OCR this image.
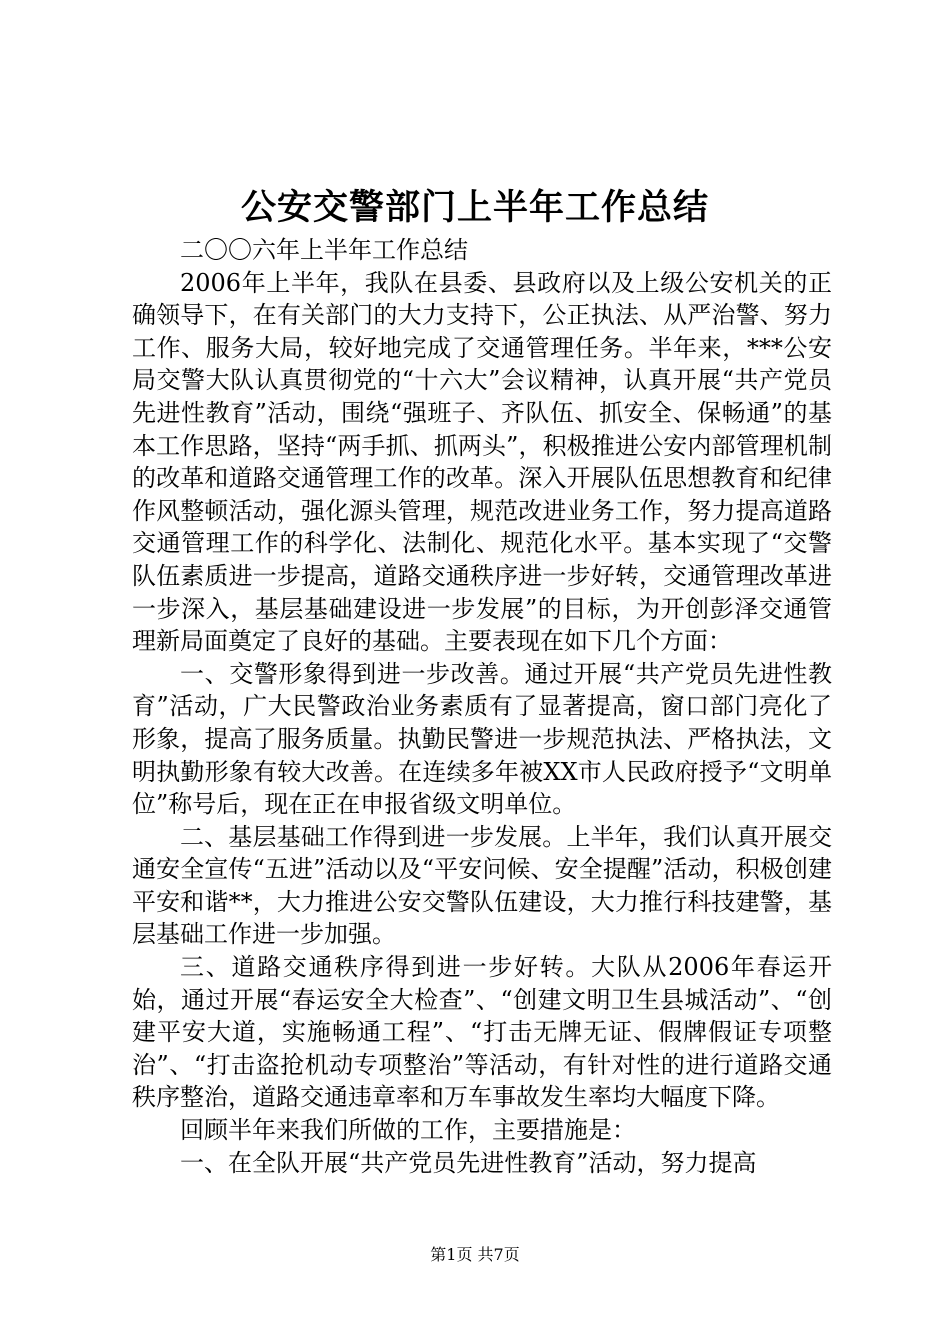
公安交警部门上半年工作总结

二〇〇六年上半年工作总结

2006年上半年，我队在县委、县政府以及上级公安机关的正确领导下，在有关部门的大力支持下，公正执法、从严治警、努力工作、服务大局，较好地完成了交通管理任务。半年来，***公安局交警大队认真贯彻党的“十六大”会议精神，认真开展“共产党员先进性教育”活动，围绕“强班子、齐队伍、抓安全、保畅通”的基本工作思路，坚持“两手抓、抓两头”，积极推进公安内部管理机制的改革和道路交通管理工作的改革。深入开展队伍思想教育和纪律作风整顿活动，强化源头管理，规范改进业务工作，努力提高道路交通管理工作的科学化、法制化、规范化水平。基本实现了“交警队伍素质进一步提高，道路交通秩序进一步好转，交通管理改革进一步深入，基层基础建设进一步发展”的目标，为开创彭泽交通管理新局面奠定了良好的基础。主要表现在如下几个方面：

一、交警形象得到进一步改善。通过开展“共产党员先进性教育”活动，广大民警政治业务素质有了显著提高，窗口部门亮化了形象，提高了服务质量。执勤民警进一步规范执法、严格执法，文明执勤形象有较大改善。在连续多年被XX市人民政府授予“文明单位”称号后，现在正在申报省级文明单位。

二、基层基础工作得到进一步发展。上半年，我们认真开展交通安全宣传“五进”活动以及“平安问候、安全提醒”活动，积极创建平安和谐**，大力推进公安交警队伍建设，大力推行科技建警，基层基础工作进一步加强。

三、道路交通秩序得到进一步好转。大队从2006年春运开始，通过开展“春运安全大检查”、“创建文明卫生县城活动”、“创建平安大道，实施畅通工程”、“打击无牌无证、假牌假证专项整治”、“打击盗抢机动专项整治”等活动，有针对性的进行道路交通秩序整治，道路交通违章率和万车事故发生率均大幅度下降。

回顾半年来我们所做的工作，主要措施是：

一、在全队开展“共产党员先进性教育”活动，努力提高

第1页 共7页
